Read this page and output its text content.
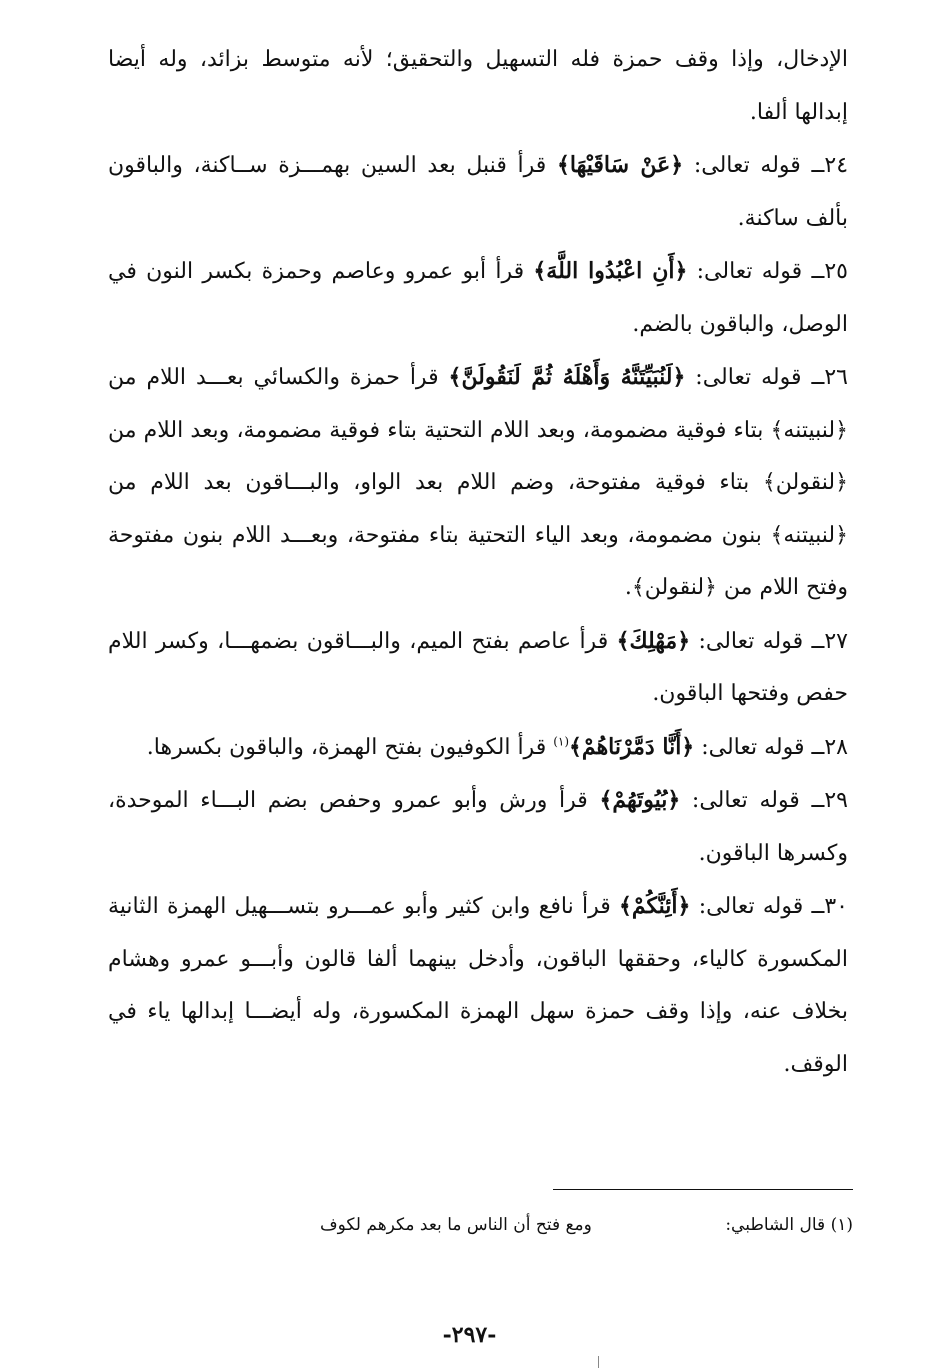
الإدخال، وإذا وقف حمزة فله التسهيل والتحقيق؛ لأنه متوسط بزائد، وله أيضا إبدالها ألفا.

٢٤ــ قوله تعالى: ﴿عَنْ سَاقَيْهَا﴾ قرأ قنبل بعد السين بهمـــزة ســاكنة، والباقون بألف ساكنة.

٢٥ــ قوله تعالى: ﴿أَنِ اعْبُدُوا اللَّهَ﴾ قرأ أبو عمرو وعاصم وحمزة بكسر النون في الوصل، والباقون بالضم.

٢٦ــ قوله تعالى: ﴿لَنُبَيِّتَنَّهُ وَأَهْلَهُ ثُمَّ لَنَقُولَنَّ﴾ قرأ حمزة والكسائي بعـــد اللام من ﴿لنبيتنه﴾ بتاء فوقية مضمومة، وبعد اللام التحتية بتاء فوقية مضمومة، وبعد اللام من ﴿لنقولن﴾ بتاء فوقية مفتوحة، وضم اللام بعد الواو، والبـــاقون بعد اللام من ﴿لنبيتنه﴾ بنون مضمومة، وبعد الياء التحتية بتاء مفتوحة، وبعـــد اللام بنون مفتوحة وفتح اللام من ﴿لنقولن﴾.

٢٧ــ قوله تعالى: ﴿مَهْلِكَ﴾ قرأ عاصم بفتح الميم، والبـــاقون بضمهـــا، وكسر اللام حفص وفتحها الباقون.

٢٨ــ قوله تعالى: ﴿أَنَّا دَمَّرْنَاهُمْ﴾$^{(١)}$ قرأ الكوفيون بفتح الهمزة، والباقون بكسرها.

٢٩ــ قوله تعالى: ﴿بُيُوتَهُمْ﴾ قرأ ورش وأبو عمرو وحفص بضم البـــاء الموحدة، وكسرها الباقون.

٣٠ــ قوله تعالى: ﴿أَئِنَّكُمْ﴾ قرأ نافع وابن كثير وأبو عمـــرو بتســـهيل الهمزة الثانية المكسورة كالياء، وحققها الباقون، وأدخل بينهما ألفا قالون وأبـــو عمرو وهشام بخلاف عنه، وإذا وقف حمزة سهل الهمزة المكسورة، وله أيضـــا إبدالها ياء في الوقف.

(١) قال الشاطبي:
ومع فتح أن الناس ما بعد مكرهم لكوف
-٢٩٧-
